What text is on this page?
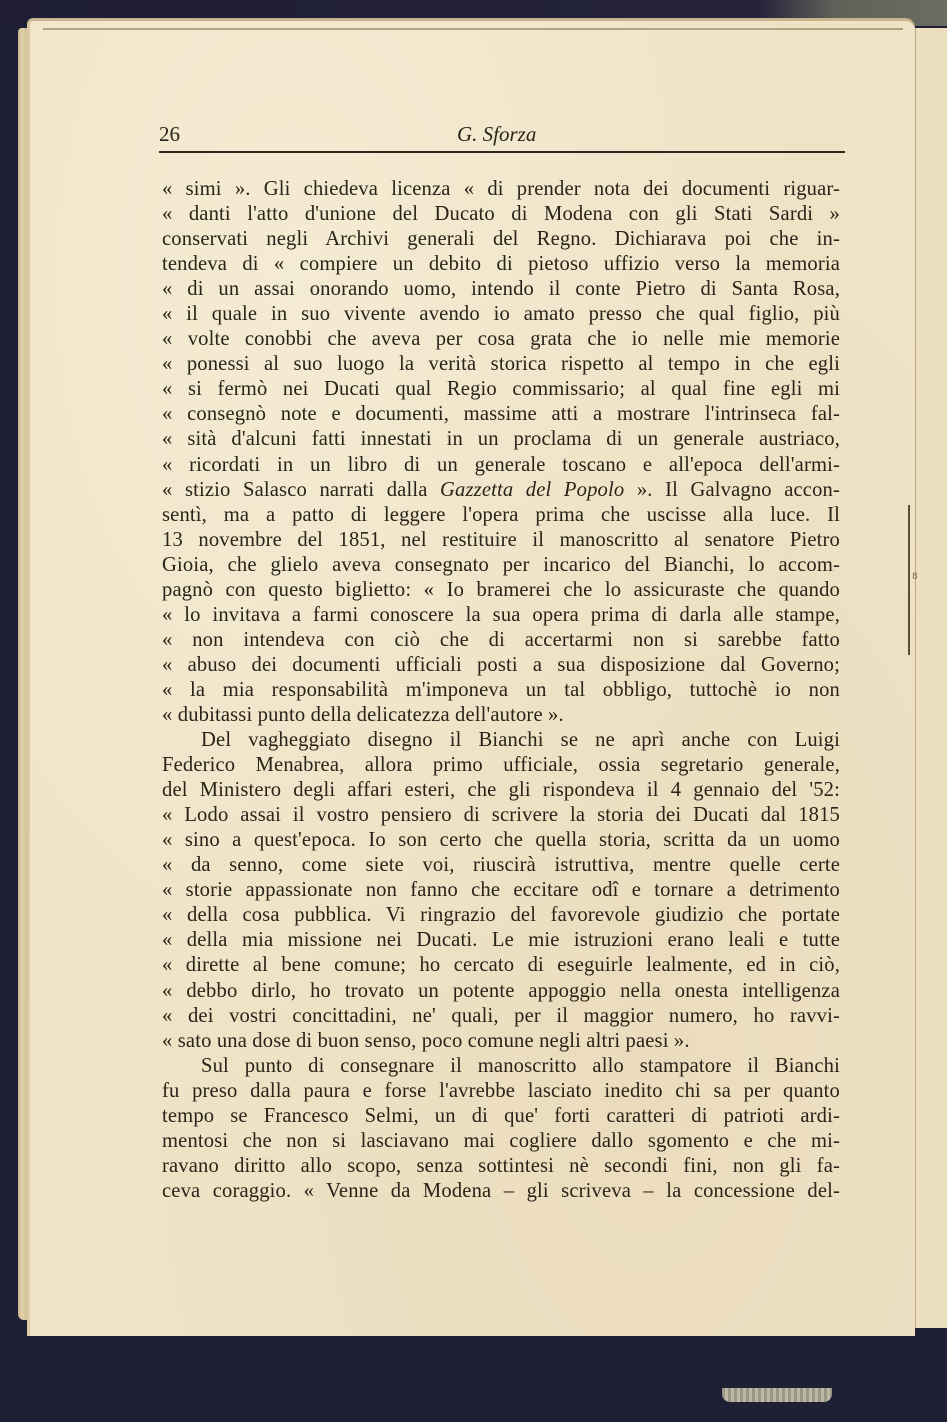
8
26	G. Sforza
« simi ». Gli chiedeva licenza « di prender nota dei documenti riguar-
« danti l'atto d'unione del Ducato di Modena con gli Stati Sardi »
conservati negli Archivi generali del Regno. Dichiarava poi che in-
tendeva di « compiere un debito di pietoso uffizio verso la memoria
« di un assai onorando uomo, intendo il conte Pietro di Santa Rosa,
« il quale in suo vivente avendo io amato presso che qual figlio, più
« volte conobbi che aveva per cosa grata che io nelle mie memorie
« ponessi al suo luogo la verità storica rispetto al tempo in che egli
« si fermò nei Ducati qual Regio commissario; al qual fine egli mi
« consegnò note e documenti, massime atti a mostrare l'intrinseca fal-
« sità d'alcuni fatti innestati in un proclama di un generale austriaco,
« ricordati in un libro di un generale toscano e all'epoca dell'armi-
« stizio Salasco narrati dalla Gazzetta del Popolo ». Il Galvagno accon-
sentì, ma a patto di leggere l'opera prima che uscisse alla luce. Il
13 novembre del 1851, nel restituire il manoscritto al senatore Pietro
Gioia, che glielo aveva consegnato per incarico del Bianchi, lo accom-
pagnò con questo biglietto: « Io bramerei che lo assicuraste che quando
« lo invitava a farmi conoscere la sua opera prima di darla alle stampe,
« non intendeva con ciò che di accertarmi non si sarebbe fatto
« abuso dei documenti ufficiali posti a sua disposizione dal Governo;
« la mia responsabilità m'imponeva un tal obbligo, tuttochè io non
« dubitassi punto della delicatezza dell'autore ».
Del vagheggiato disegno il Bianchi se ne aprì anche con Luigi
Federico Menabrea, allora primo ufficiale, ossia segretario generale,
del Ministero degli affari esteri, che gli rispondeva il 4 gennaio del '52:
« Lodo assai il vostro pensiero di scrivere la storia dei Ducati dal 1815
« sino a quest'epoca. Io son certo che quella storia, scritta da un uomo
« da senno, come siete voi, riuscirà istruttiva, mentre quelle certe
« storie appassionate non fanno che eccitare odî e tornare a detrimento
« della cosa pubblica. Vi ringrazio del favorevole giudizio che portate
« della mia missione nei Ducati. Le mie istruzioni erano leali e tutte
« dirette al bene comune; ho cercato di eseguirle lealmente, ed in ciò,
« debbo dirlo, ho trovato un potente appoggio nella onesta intelligenza
« dei vostri concittadini, ne' quali, per il maggior numero, ho ravvi-
« sato una dose di buon senso, poco comune negli altri paesi ».
Sul punto di consegnare il manoscritto allo stampatore il Bianchi
fu preso dalla paura e forse l'avrebbe lasciato inedito chi sa per quanto
tempo se Francesco Selmi, un di que' forti caratteri di patrioti ardi-
mentosi che non si lasciavano mai cogliere dallo sgomento e che mi-
ravano diritto allo scopo, senza sottintesi nè secondi fini, non gli fa-
ceva coraggio. « Venne da Modena – gli scriveva – la concessione del-
